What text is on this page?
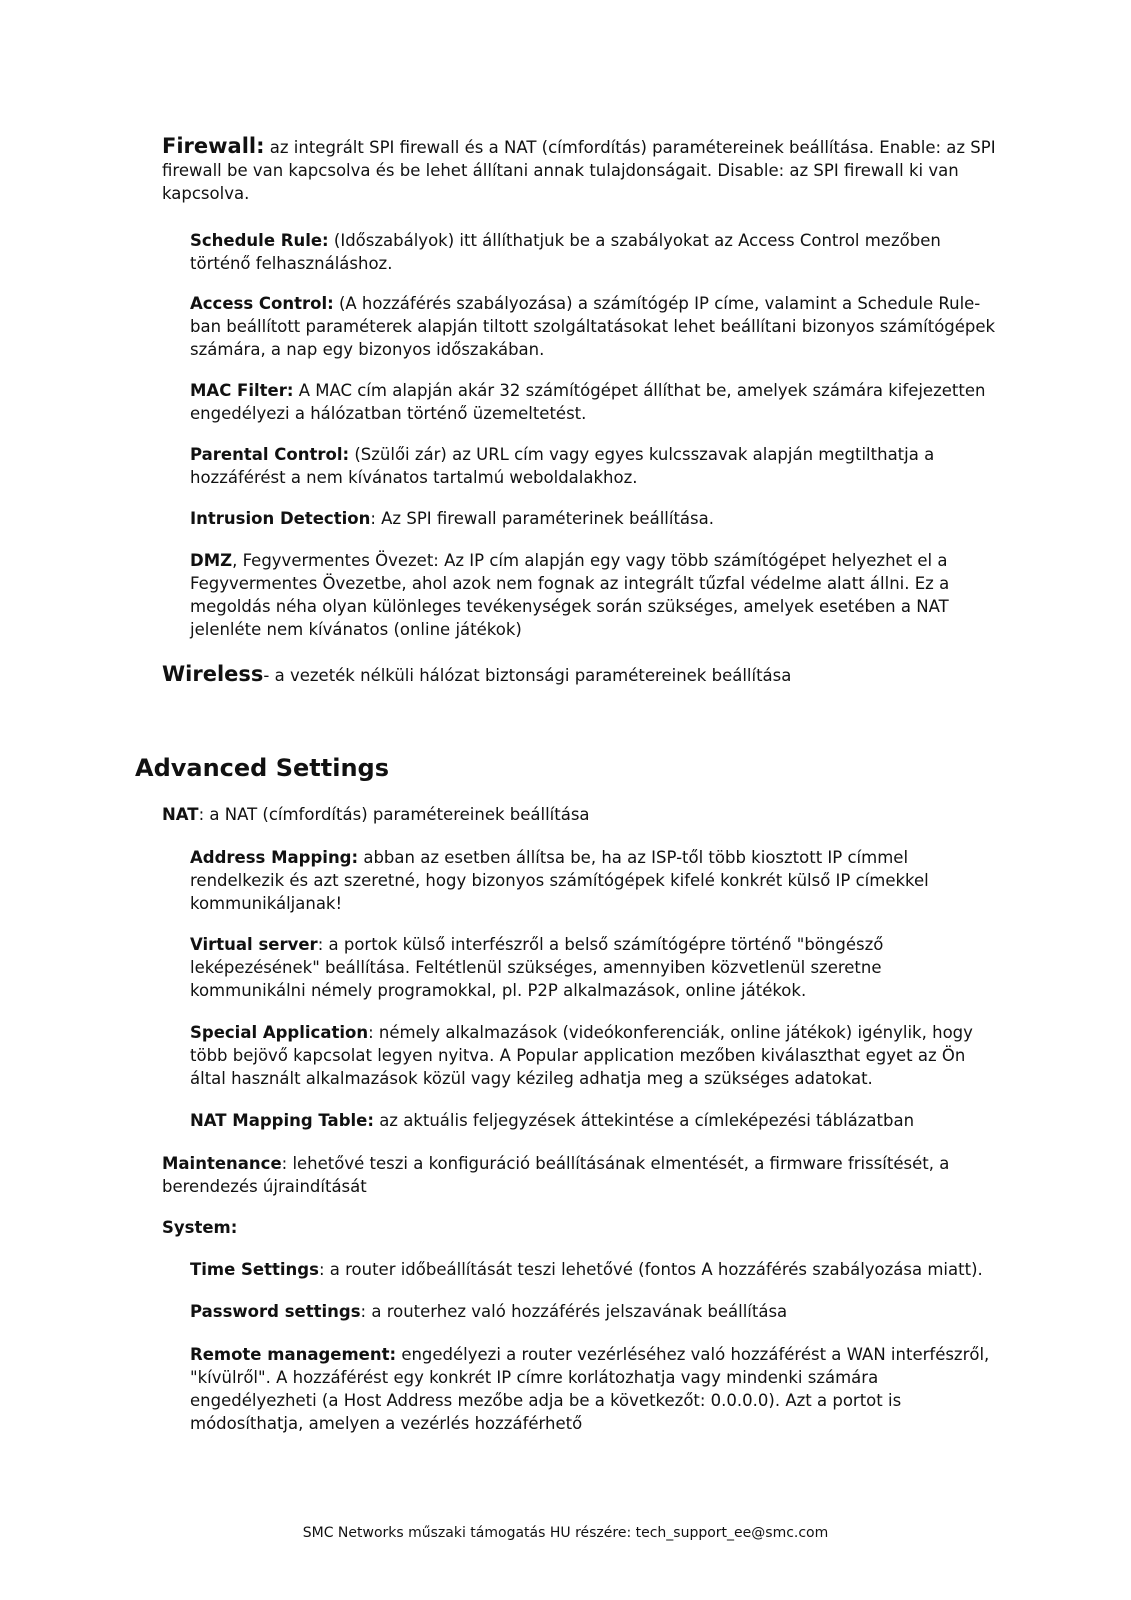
Firewall: az integrált SPI firewall és a NAT (címfordítás) paramétereinek beállítása. Enable: az SPI firewall be van kapcsolva és be lehet állítani annak tulajdonságait. Disable: az SPI firewall ki van kapcsolva.

Schedule Rule: (Időszabályok) itt állíthatjuk be a szabályokat az Access Control mezőben történő felhasználáshoz.

Access Control: (A hozzáférés szabályozása) a számítógép IP címe, valamint a Schedule Rule-ban beállított paraméterek alapján tiltott szolgáltatásokat lehet beállítani bizonyos számítógépek számára, a nap egy bizonyos időszakában.

MAC Filter: A MAC cím alapján akár 32 számítógépet állíthat be, amelyek számára kifejezetten engedélyezi a hálózatban történő üzemeltetést.

Parental Control: (Szülői zár) az URL cím vagy egyes kulcsszavak alapján megtilthatja a hozzáférést a nem kívánatos tartalmú weboldalakhoz.

Intrusion Detection: Az SPI firewall paraméterinek beállítása.

DMZ, Fegyvermentes Övezet: Az IP cím alapján egy vagy több számítógépet helyezhet el a Fegyvermentes Övezetbe, ahol azok nem fognak az integrált tűzfal védelme alatt állni. Ez a megoldás néha olyan különleges tevékenységek során szükséges, amelyek esetében a NAT jelenléte nem kívánatos (online játékok)

Wireless- a vezeték nélküli hálózat biztonsági paramétereinek beállítása

Advanced Settings

NAT: a NAT (címfordítás) paramétereinek beállítása

Address Mapping: abban az esetben állítsa be, ha az ISP-től több kiosztott IP címmel rendelkezik és azt szeretné, hogy bizonyos számítógépek kifelé konkrét külső IP címekkel kommunikáljanak!

Virtual server: a portok külső interfészről a belső számítógépre történő "böngésző leképezésének" beállítása. Feltétlenül szükséges, amennyiben közvetlenül szeretne kommunikálni némely programokkal, pl. P2P alkalmazások, online játékok.

Special Application: némely alkalmazások (videókonferenciák, online játékok) igénylik, hogy több bejövő kapcsolat legyen nyitva. A Popular application mezőben kiválaszthat egyet az Ön által használt alkalmazások közül vagy kézileg adhatja meg a szükséges adatokat.

NAT Mapping Table: az aktuális feljegyzések áttekintése a címleképezési táblázatban

Maintenance: lehetővé teszi a konfiguráció beállításának elmentését, a firmware frissítését, a berendezés újraindítását

System:

Time Settings: a router időbeállítását teszi lehetővé (fontos A hozzáférés szabályozása miatt).

Password settings: a routerhez való hozzáférés jelszavának beállítása

Remote management: engedélyezi a router vezérléséhez való hozzáférést a WAN interfészről, "kívülről". A hozzáférést egy konkrét IP címre korlátozhatja vagy mindenki számára engedélyezheti (a Host Address mezőbe adja be a következőt: 0.0.0.0). Azt a portot is módosíthatja, amelyen a vezérlés hozzáférhető

SMC Networks műszaki támogatás HU részére: tech_support_ee@smc.com
